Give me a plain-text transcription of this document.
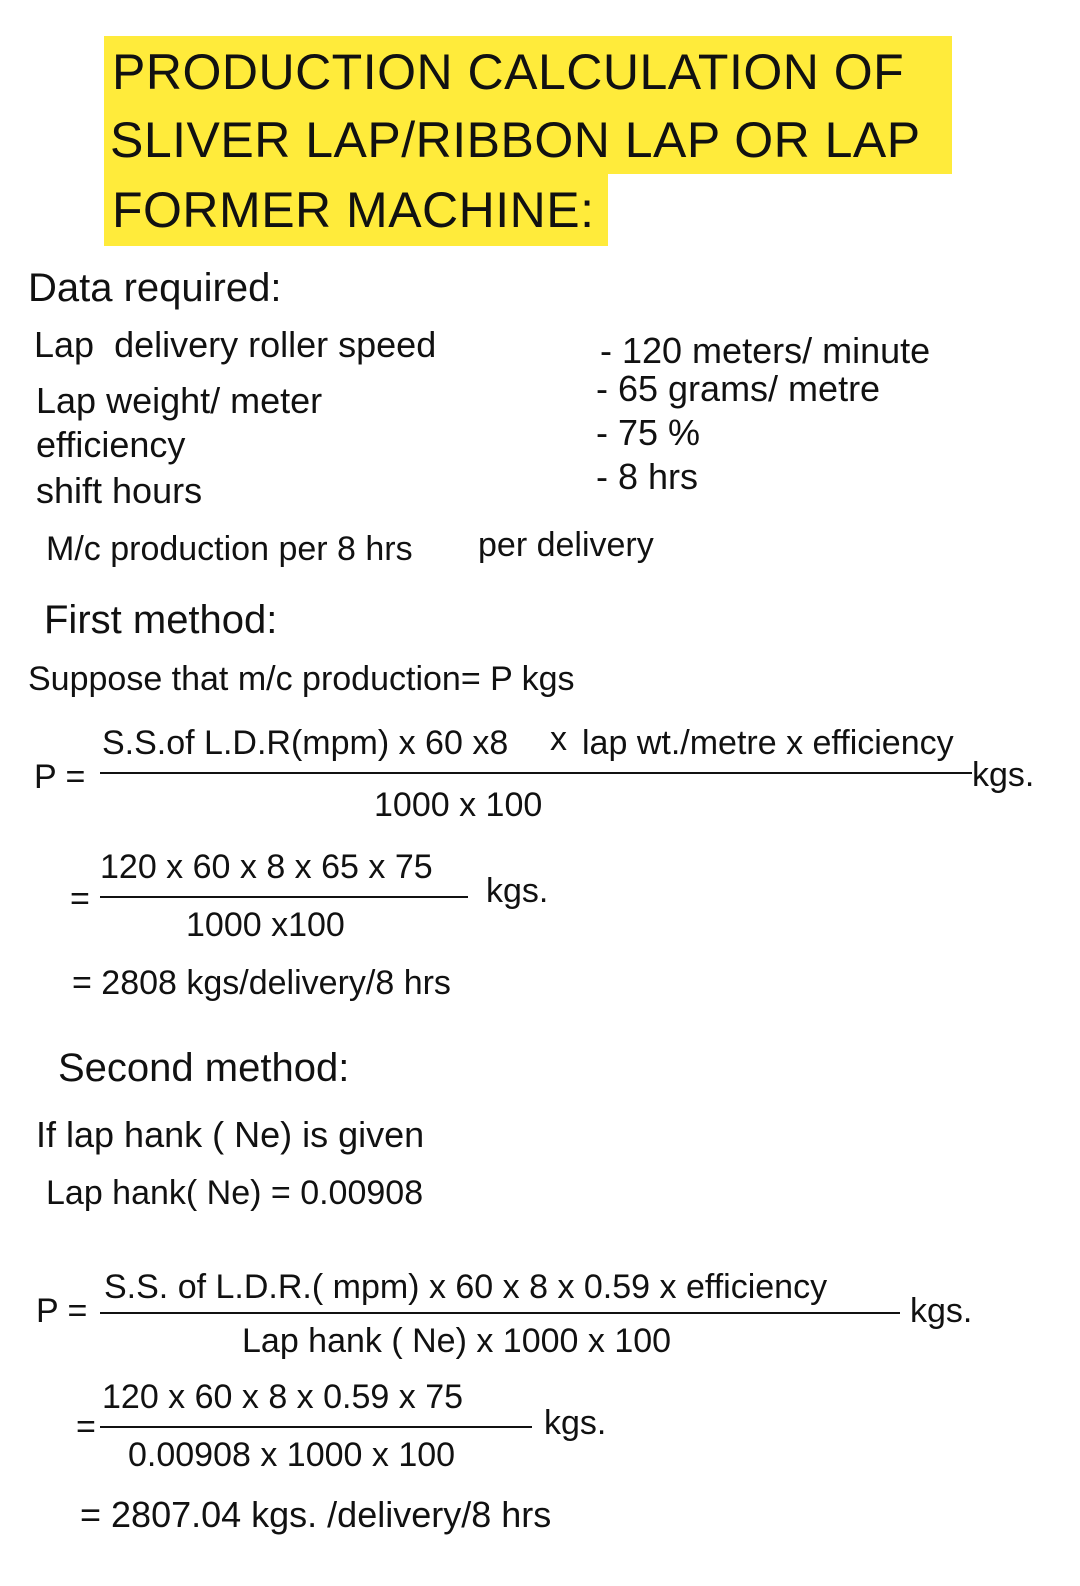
PRODUCTION CALCULATION OF
SLIVER LAP/RIBBON LAP OR LAP
FORMER MACHINE:
Data required:
Lap  delivery roller speed
Lap weight/ meter
efficiency
shift hours
- 120 meters/ minute
- 65 grams/ metre
- 75 %
- 8 hrs
M/c production per 8 hrs per delivery
First method:
Suppose that m/c production= P kgs
P =
S.S.of L.D.R(mpm) x 60 x8 x lap wt./metre x efficiency
1000 x 100
kgs.
=
120 x 60 x 8 x 65 x 75
1000 x100
kgs.
= 2808 kgs/delivery/8 hrs
Second method:
If lap hank ( Ne) is given
Lap hank( Ne) = 0.00908
P =
S.S. of L.D.R.( mpm) x 60 x 8 x 0.59 x efficiency
Lap hank ( Ne) x 1000 x 100
kgs.
=
120 x 60 x 8 x 0.59 x 75
0.00908 x 1000 x 100
kgs.
= 2807.04 kgs. /delivery/8 hrs
